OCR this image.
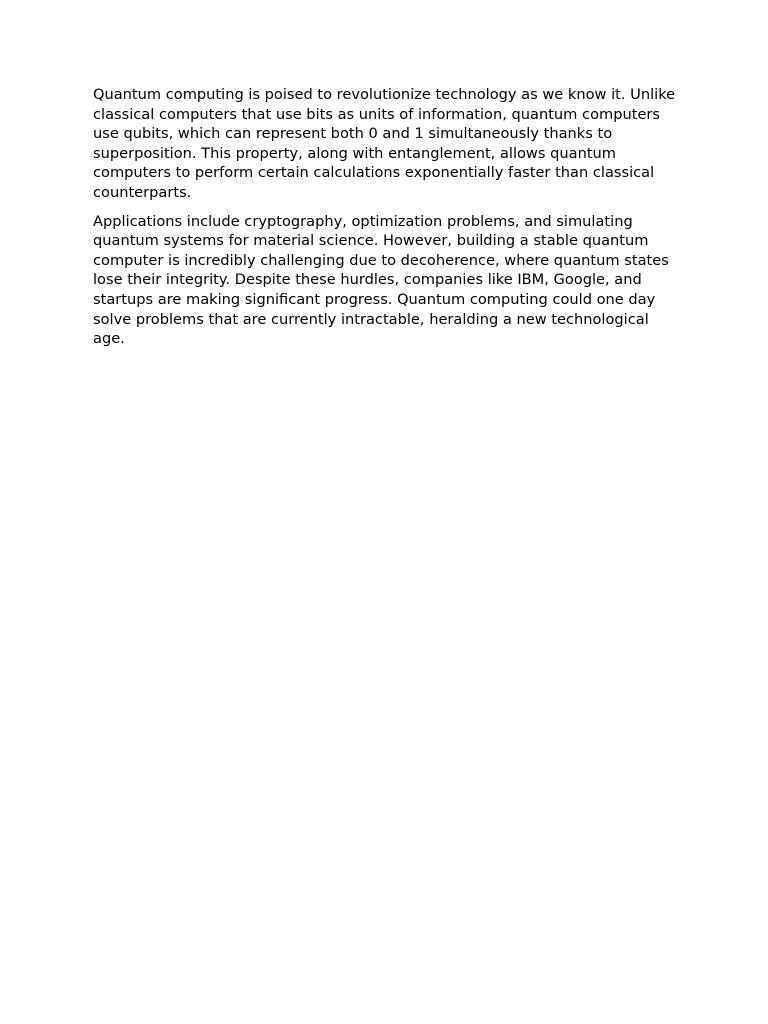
Quantum computing is poised to revolutionize technology as we know it. Unlike classical computers that use bits as units of information, quantum computers use qubits, which can represent both 0 and 1 simultaneously thanks to superposition. This property, along with entanglement, allows quantum computers to perform certain calculations exponentially faster than classical counterparts.

Applications include cryptography, optimization problems, and simulating quantum systems for material science. However, building a stable quantum computer is incredibly challenging due to decoherence, where quantum states lose their integrity. Despite these hurdles, companies like IBM, Google, and startups are making significant progress. Quantum computing could one day solve problems that are currently intractable, heralding a new technological age.
